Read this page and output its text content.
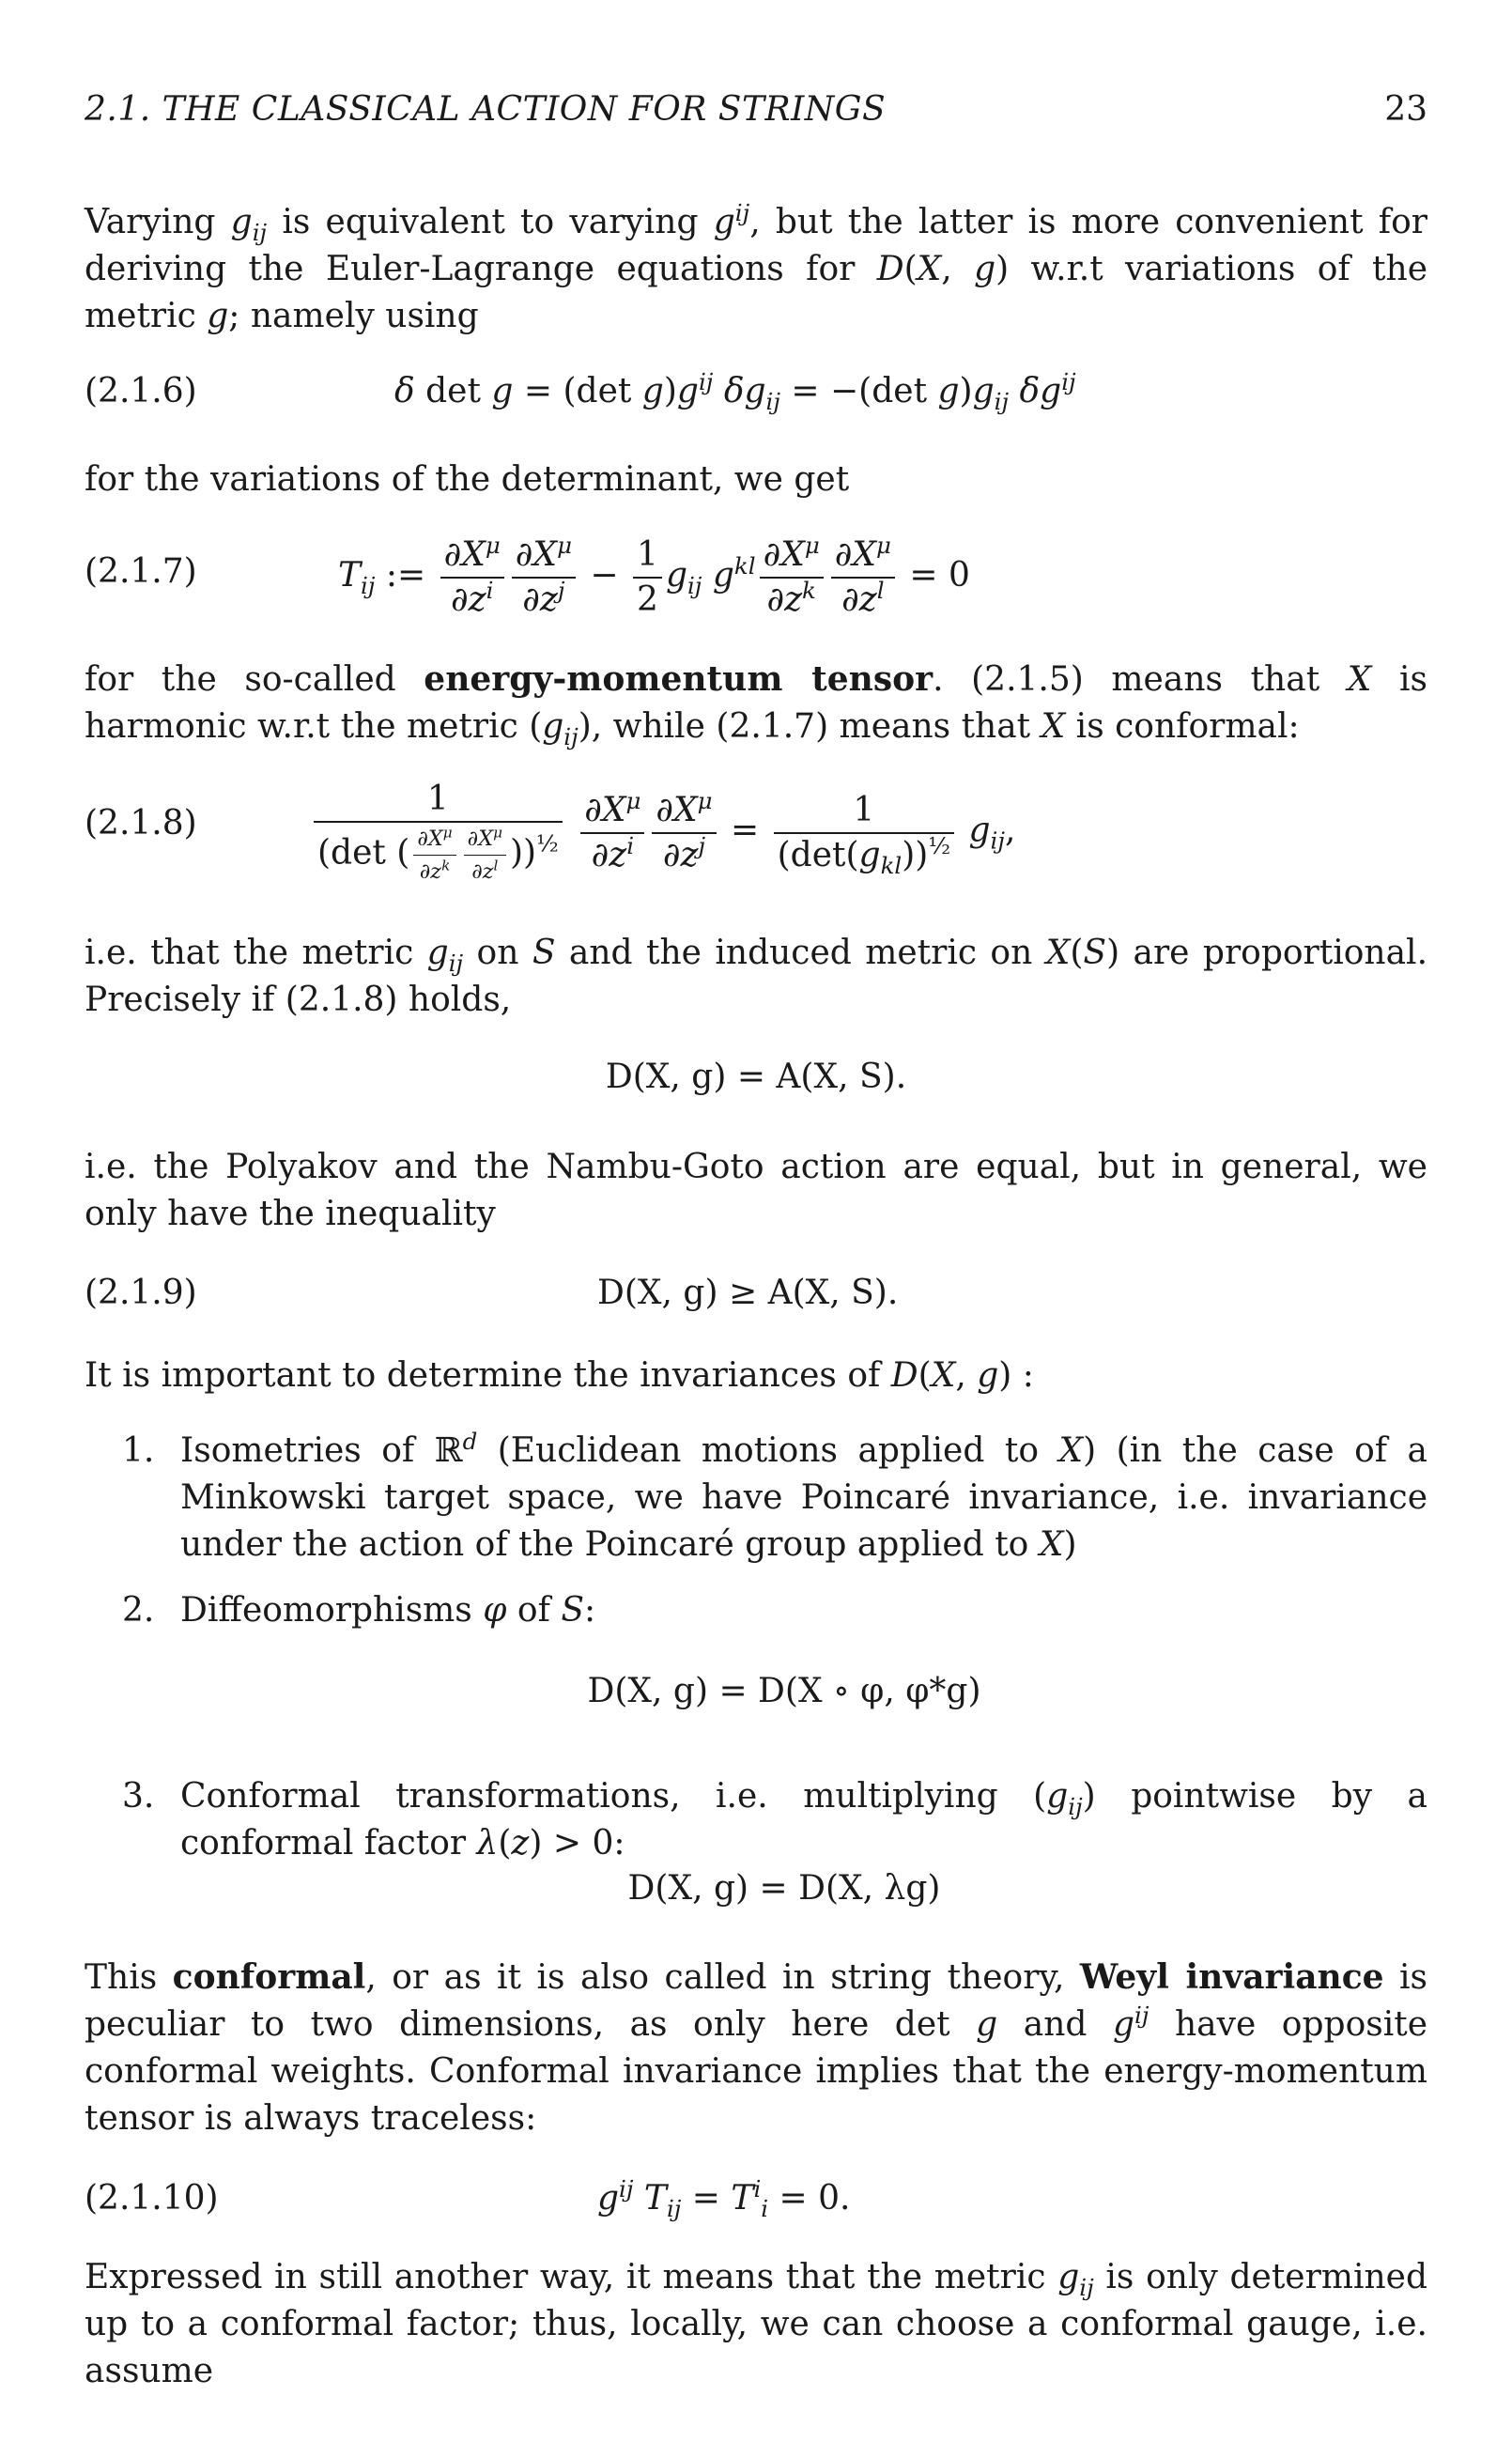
2.1. THE CLASSICAL ACTION FOR STRINGS	23

Varying $g_{ij}$ is equivalent to varying $g^{ij}$, but the latter is more convenient for deriving the Euler-Lagrange equations for D(X, g) w.r.t variations of the metric g; namely using

(2.1.6)	δ det g = (det $g)g^{ij}$ $\delta g_{ij} = -(\det$ $g)g_{ij}$ $\delta g^{ij}$

for the variations of the determinant, we get

(2.1.7)	$T_{ij}$ := $\frac{\partial X^\mu}{\partial z^i} \frac{\partial X^\mu}{\partial z^j} - \frac{1}{2} g_{ij}$ $g^{kl} \frac{\partial X^\mu}{\partial z^k} \frac{\partial X^\mu}{\partial z^l} = 0$

for the so-called energy-momentum tensor. (2.1.5) means that X is harmonic w.r.t the metric $(g_{ij})$, while (2.1.7) means that X is conformal:

(2.1.8)	$\frac{1}{(\det ( \frac{\partial X^\mu}{\partial z^k} \frac{\partial X^\mu}{\partial z^l} ))^{\frac{1}{2}}}$
$\frac{\partial X^\mu}{\partial z^i} \frac{\partial X^\mu}{\partial z^j} = \frac{1}{(\det(g_{kl}))^{\frac{1}{2}}} g_{ij}$,

i.e. that the metric $g_{ij}$ on S and the induced metric on X(S) are proportional. Precisely if (2.1.8) holds,

D(X, g) = A(X, S).

i.e. the Polyakov and the Nambu-Goto action are equal, but in general, we only have the inequality

(2.1.9)	D(X, g) ≥ A(X, S).

It is important to determine the invariances of D(X, g) :

1. Isometries of ℝ$^d$ (Euclidean motions applied to X) (in the case of a Minkowski target space, we have Poincaré invariance, i.e. invariance under the action of the Poincaré group applied to X)
2. Diffeomorphisms φ of S:
D(X, g) = D(X ∘ φ, φ*g)
3. Conformal transformations, i.e. multiplying $(g_{ij})$ pointwise by a conformal factor λ(z) > 0:
D(X, g) = D(X, λg)

This conformal, or as it is also called in string theory, Weyl invariance is peculiar to two dimensions, as only here det g and $g^{ij}$ have opposite conformal weights. Conformal invariance implies that the energy-momentum tensor is always traceless:

(2.1.10)	$g^{ij}$ $T_{ij} = T^i_i = 0$.

Expressed in still another way, it means that the metric $g_{ij}$ is only determined up to a conformal factor; thus, locally, we can choose a conformal gauge, i.e. assume
